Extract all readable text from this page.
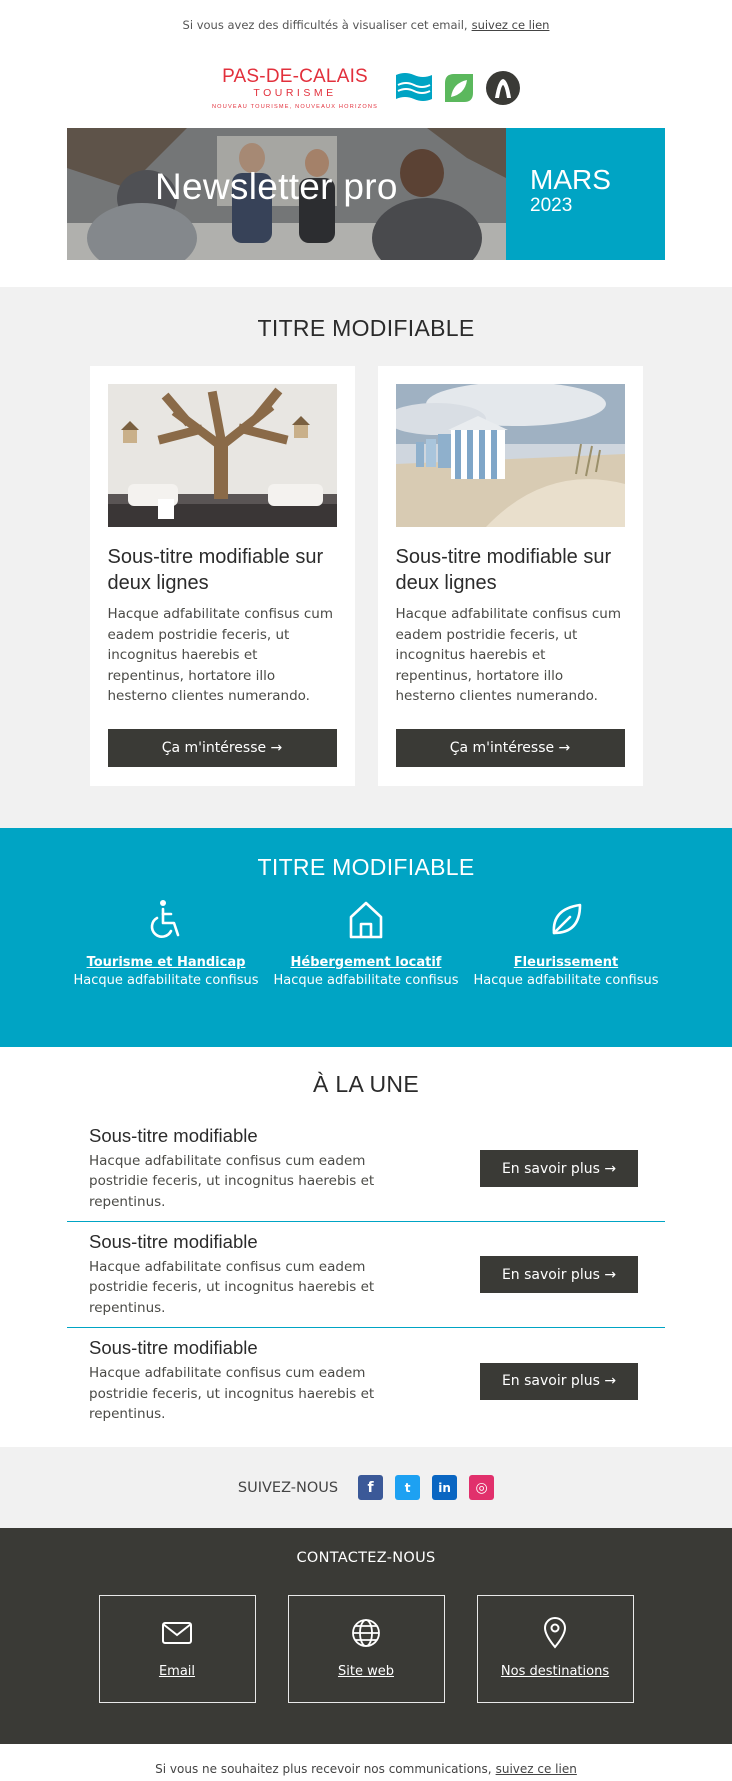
Si vous avez des difficultés à visualiser cet email, suivez ce lien
PAS-DE-CALAIS
TOURISME
NOUVEAU TOURISME, NOUVEAUX HORIZONS
Newsletter pro	MARS
2023
TITRE MODIFIABLE
Sous-titre modifiable sur deux lignes

Hacque adfabilitate confisus cum eadem postridie feceris, ut incognitus haerebis et repentinus, hortatore illo hesterno clientes numerando.

Ça m'intéresse →
Sous-titre modifiable sur deux lignes

Hacque adfabilitate confisus cum eadem postridie feceris, ut incognitus haerebis et repentinus, hortatore illo hesterno clientes numerando.

Ça m'intéresse →
TITRE MODIFIABLE
Tourisme et Handicap
Hacque adfabilitate confisus
Hébergement locatif
Hacque adfabilitate confisus
Fleurissement
Hacque adfabilitate confisus
À LA UNE
Sous-titre modifiable

Hacque adfabilitate confisus cum eadem postridie feceris, ut incognitus haerebis et repentinus.

En savoir plus →
Sous-titre modifiable

Hacque adfabilitate confisus cum eadem postridie feceris, ut incognitus haerebis et repentinus.

En savoir plus →
Sous-titre modifiable

Hacque adfabilitate confisus cum eadem postridie feceris, ut incognitus haerebis et repentinus.

En savoir plus →
SUIVEZ-NOUS	f	t	in	◎
CONTACTEZ-NOUS
Email	Site web	Nos destinations
Si vous ne souhaitez plus recevoir nos communications, suivez ce lien
